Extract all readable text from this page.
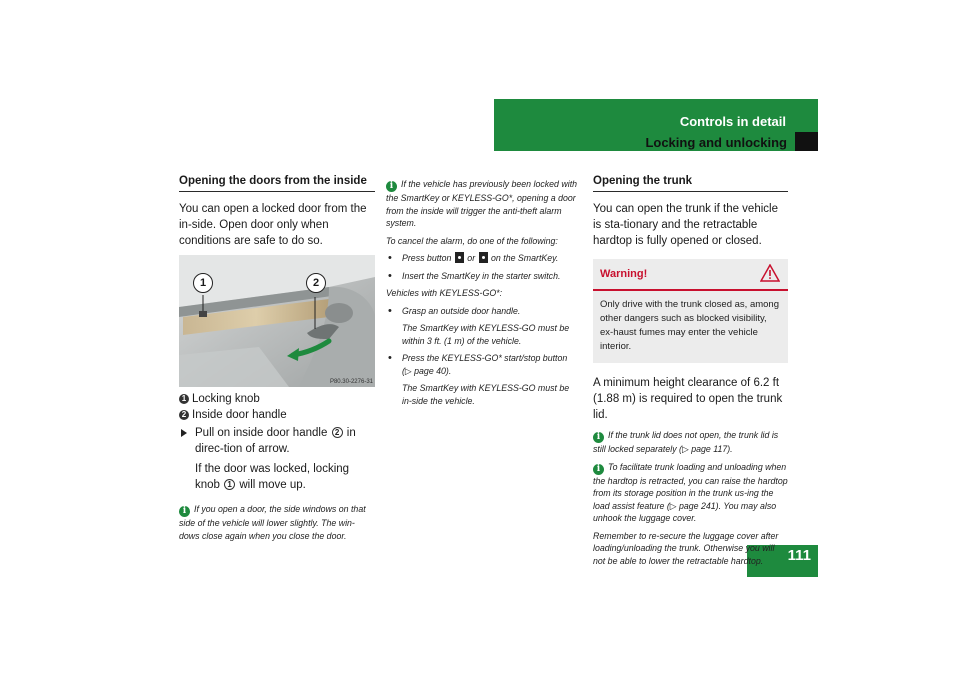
Controls in detail
Locking and unlocking
111
Opening the doors from the inside

You can open a locked door from the in-side. Open door only when conditions are safe to do so.

1	2
P80.30-2276-31
1 Locking knob
2 Inside door handle
Pull on inside door handle 2 in direc-tion of arrow.
If the door was locked, locking knob 1 will move up.

i If you open a door, the side windows on that side of the vehicle will lower slightly. The win-dows close again when you close the door.

i If the vehicle has previously been locked with the SmartKey or KEYLESS-GO*, opening a door from the inside will trigger the anti-theft alarm system.

To cancel the alarm, do one of the following:

• Press button or on the SmartKey.

• Insert the SmartKey in the starter switch.

Vehicles with KEYLESS-GO*:

• Grasp an outside door handle.

The SmartKey with KEYLESS-GO must be within 3 ft. (1 m) of the vehicle.

• Press the KEYLESS-GO* start/stop button (▷ page 40).

The SmartKey with KEYLESS-GO must be in-side the vehicle.

Opening the trunk

You can open the trunk if the vehicle is sta-tionary and the retractable hardtop is fully opened or closed.

Warning!
Only drive with the trunk closed as, among other dangers such as blocked visibility, ex-haust fumes may enter the vehicle interior.

A minimum height clearance of 6.2 ft (1.88 m) is required to open the trunk lid.

i If the trunk lid does not open, the trunk lid is still locked separately (▷ page 117).

i To facilitate trunk loading and unloading when the hardtop is retracted, you can raise the hardtop from its storage position in the trunk us-ing the load assist feature (▷ page 241). You may also unhook the luggage cover.

Remember to re-secure the luggage cover after loading/unloading the trunk. Otherwise you will not be able to lower the retractable hardtop.
